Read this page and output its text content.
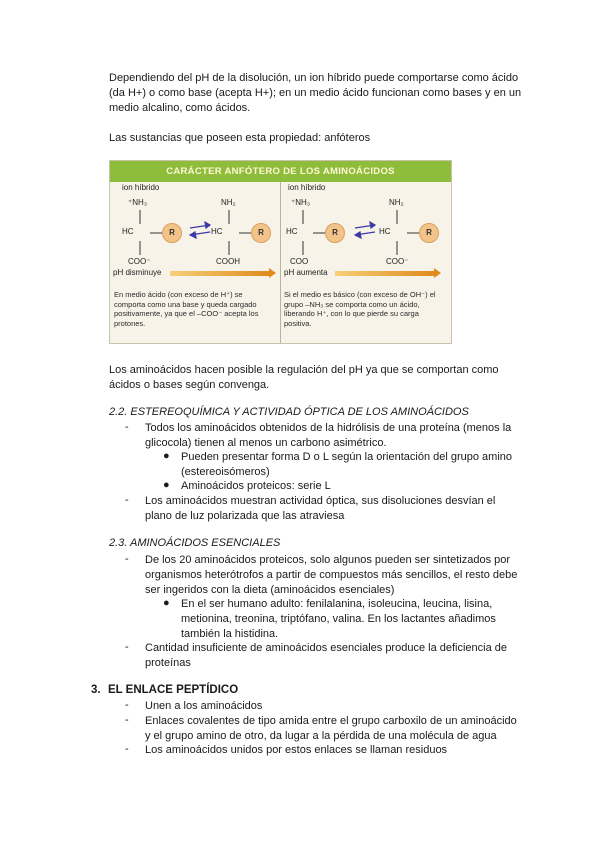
Dependiendo del pH de la disolución, un ion híbrido puede comportarse como ácido (da H+) o como base (acepta H+); en un medio ácido funcionan como bases y en un medio alcalino, como ácidos.

Las sustancias que poseen esta propiedad: anfóteros

CARÁCTER ANFÓTERO DE LOS AMINOÁCIDOS
ion híbrido
⁺NH₃
HC	R
COO⁻
NH₂
HC	R
COOH
pH disminuye
En medio ácido (con exceso de H⁺) se comporta como una base y queda cargado positivamente, ya que el –COO⁻ acepta los protones.
ion híbrido
⁺NH₃
HC	R
COO
NH₂
HC	R
COO⁻
pH aumenta
Si el medio es básico (con exceso de OH⁻) el grupo –NH₃ se comporta como un ácido, liberando H⁺, con lo que pierde su carga positiva.

Los aminoácidos hacen posible la regulación del pH ya que se comportan como ácidos o bases según convenga.

2.2. ESTEREOQUÍMICA Y ACTIVIDAD ÓPTICA DE LOS AMINOÁCIDOS

- Todos los aminoácidos obtenidos de la hidrólisis de una proteína (menos la glicocola) tienen al menos un carbono asimétrico.

● Pueden presentar forma D o L según la orientación del grupo amino (estereoisómeros)

● Aminoácidos proteicos: serie L

- Los aminoácidos muestran actividad óptica, sus disoluciones desvían el plano de luz polarizada que las atraviesa

2.3. AMINOÁCIDOS ESENCIALES

- De los 20 aminoácidos proteicos, solo algunos pueden ser sintetizados por organismos heterótrofos a partir de compuestos más sencillos, el resto debe ser ingeridos con la dieta (aminoácidos esenciales)

● En el ser humano adulto: fenilalanina, isoleucina, leucina, lisina, metionina, treonina, triptófano, valina. En los lactantes añadimos también la histidina.

- Cantidad insuficiente de aminoácidos esenciales produce la deficiencia de proteínas

3. EL ENLACE PEPTÍDICO

- Unen a los aminoácidos

- Enlaces covalentes de tipo amida entre el grupo carboxilo de un aminoácido y el grupo amino de otro, da lugar a la pérdida de una molécula de agua

- Los aminoácidos unidos por estos enlaces se llaman residuos
